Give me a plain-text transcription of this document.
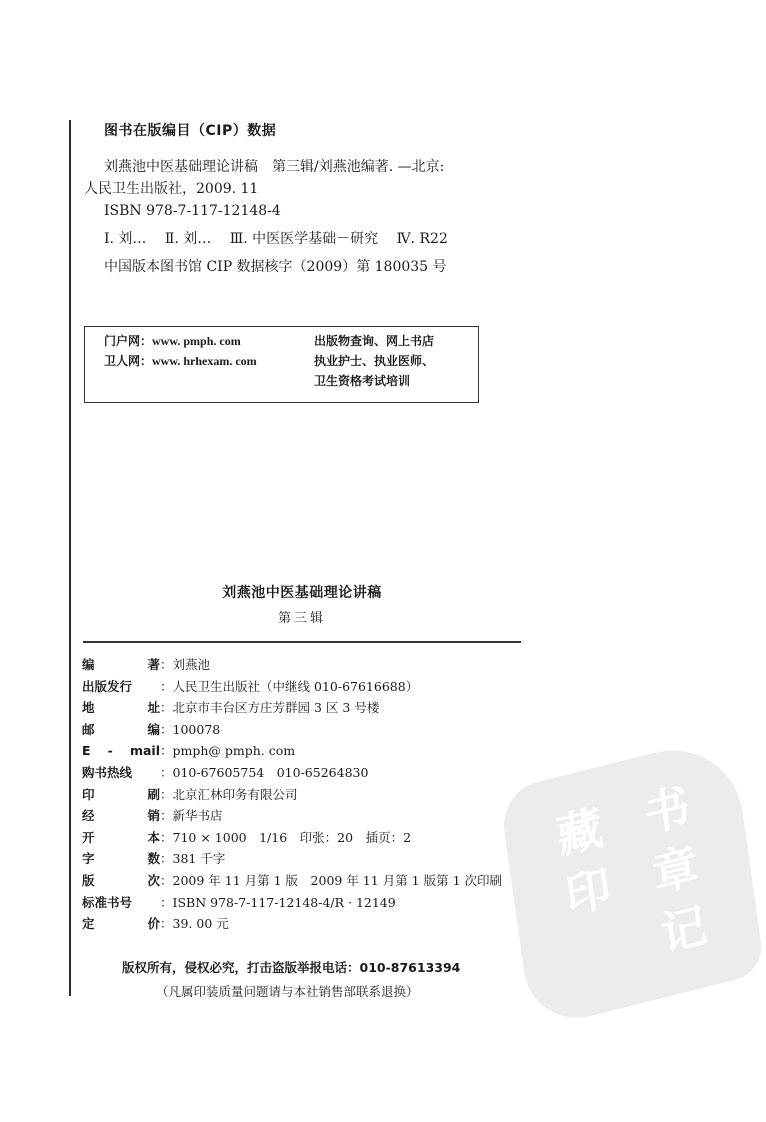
藏 书
印 章
记
图书在版编目（CIP）数据
刘燕池中医基础理论讲稿　第三辑/刘燕池编著. —北京:
人民卫生出版社，2009. 11
ISBN 978-7-117-12148-4
Ⅰ. 刘… Ⅱ. 刘… Ⅲ. 中医医学基础－研究 Ⅳ. R22
中国版本图书馆 CIP 数据核字（2009）第 180035 号
门户网：www. pmph. com	出版物查询、网上书店
卫人网：www. hrhexam. com	执业护士、执业医师、
卫生资格考试培训
刘燕池中医基础理论讲稿
第三辑
编	著 ： 刘燕池
出版发行 ： 人民卫生出版社（中继线 010-67616688）
地	址 ： 北京市丰台区方庄芳群园 3 区 3 号楼
邮	编 ： 100078
E - mail ： pmph@ pmph. com
购书热线 ： 010-67605754　010-65264830
印	刷 ： 北京汇林印务有限公司
经	销 ： 新华书店
开	本 ： 710 × 1000　1/16　印张：20　插页：2
字	数 ： 381 千字
版	次 ： 2009 年 11 月第 1 版　2009 年 11 月第 1 版第 1 次印刷
标准书号 ： ISBN 978-7-117-12148-4/R · 12149
定	价 ： 39. 00 元
版权所有，侵权必究，打击盗版举报电话：010-87613394
（凡属印装质量问题请与本社销售部联系退换）
